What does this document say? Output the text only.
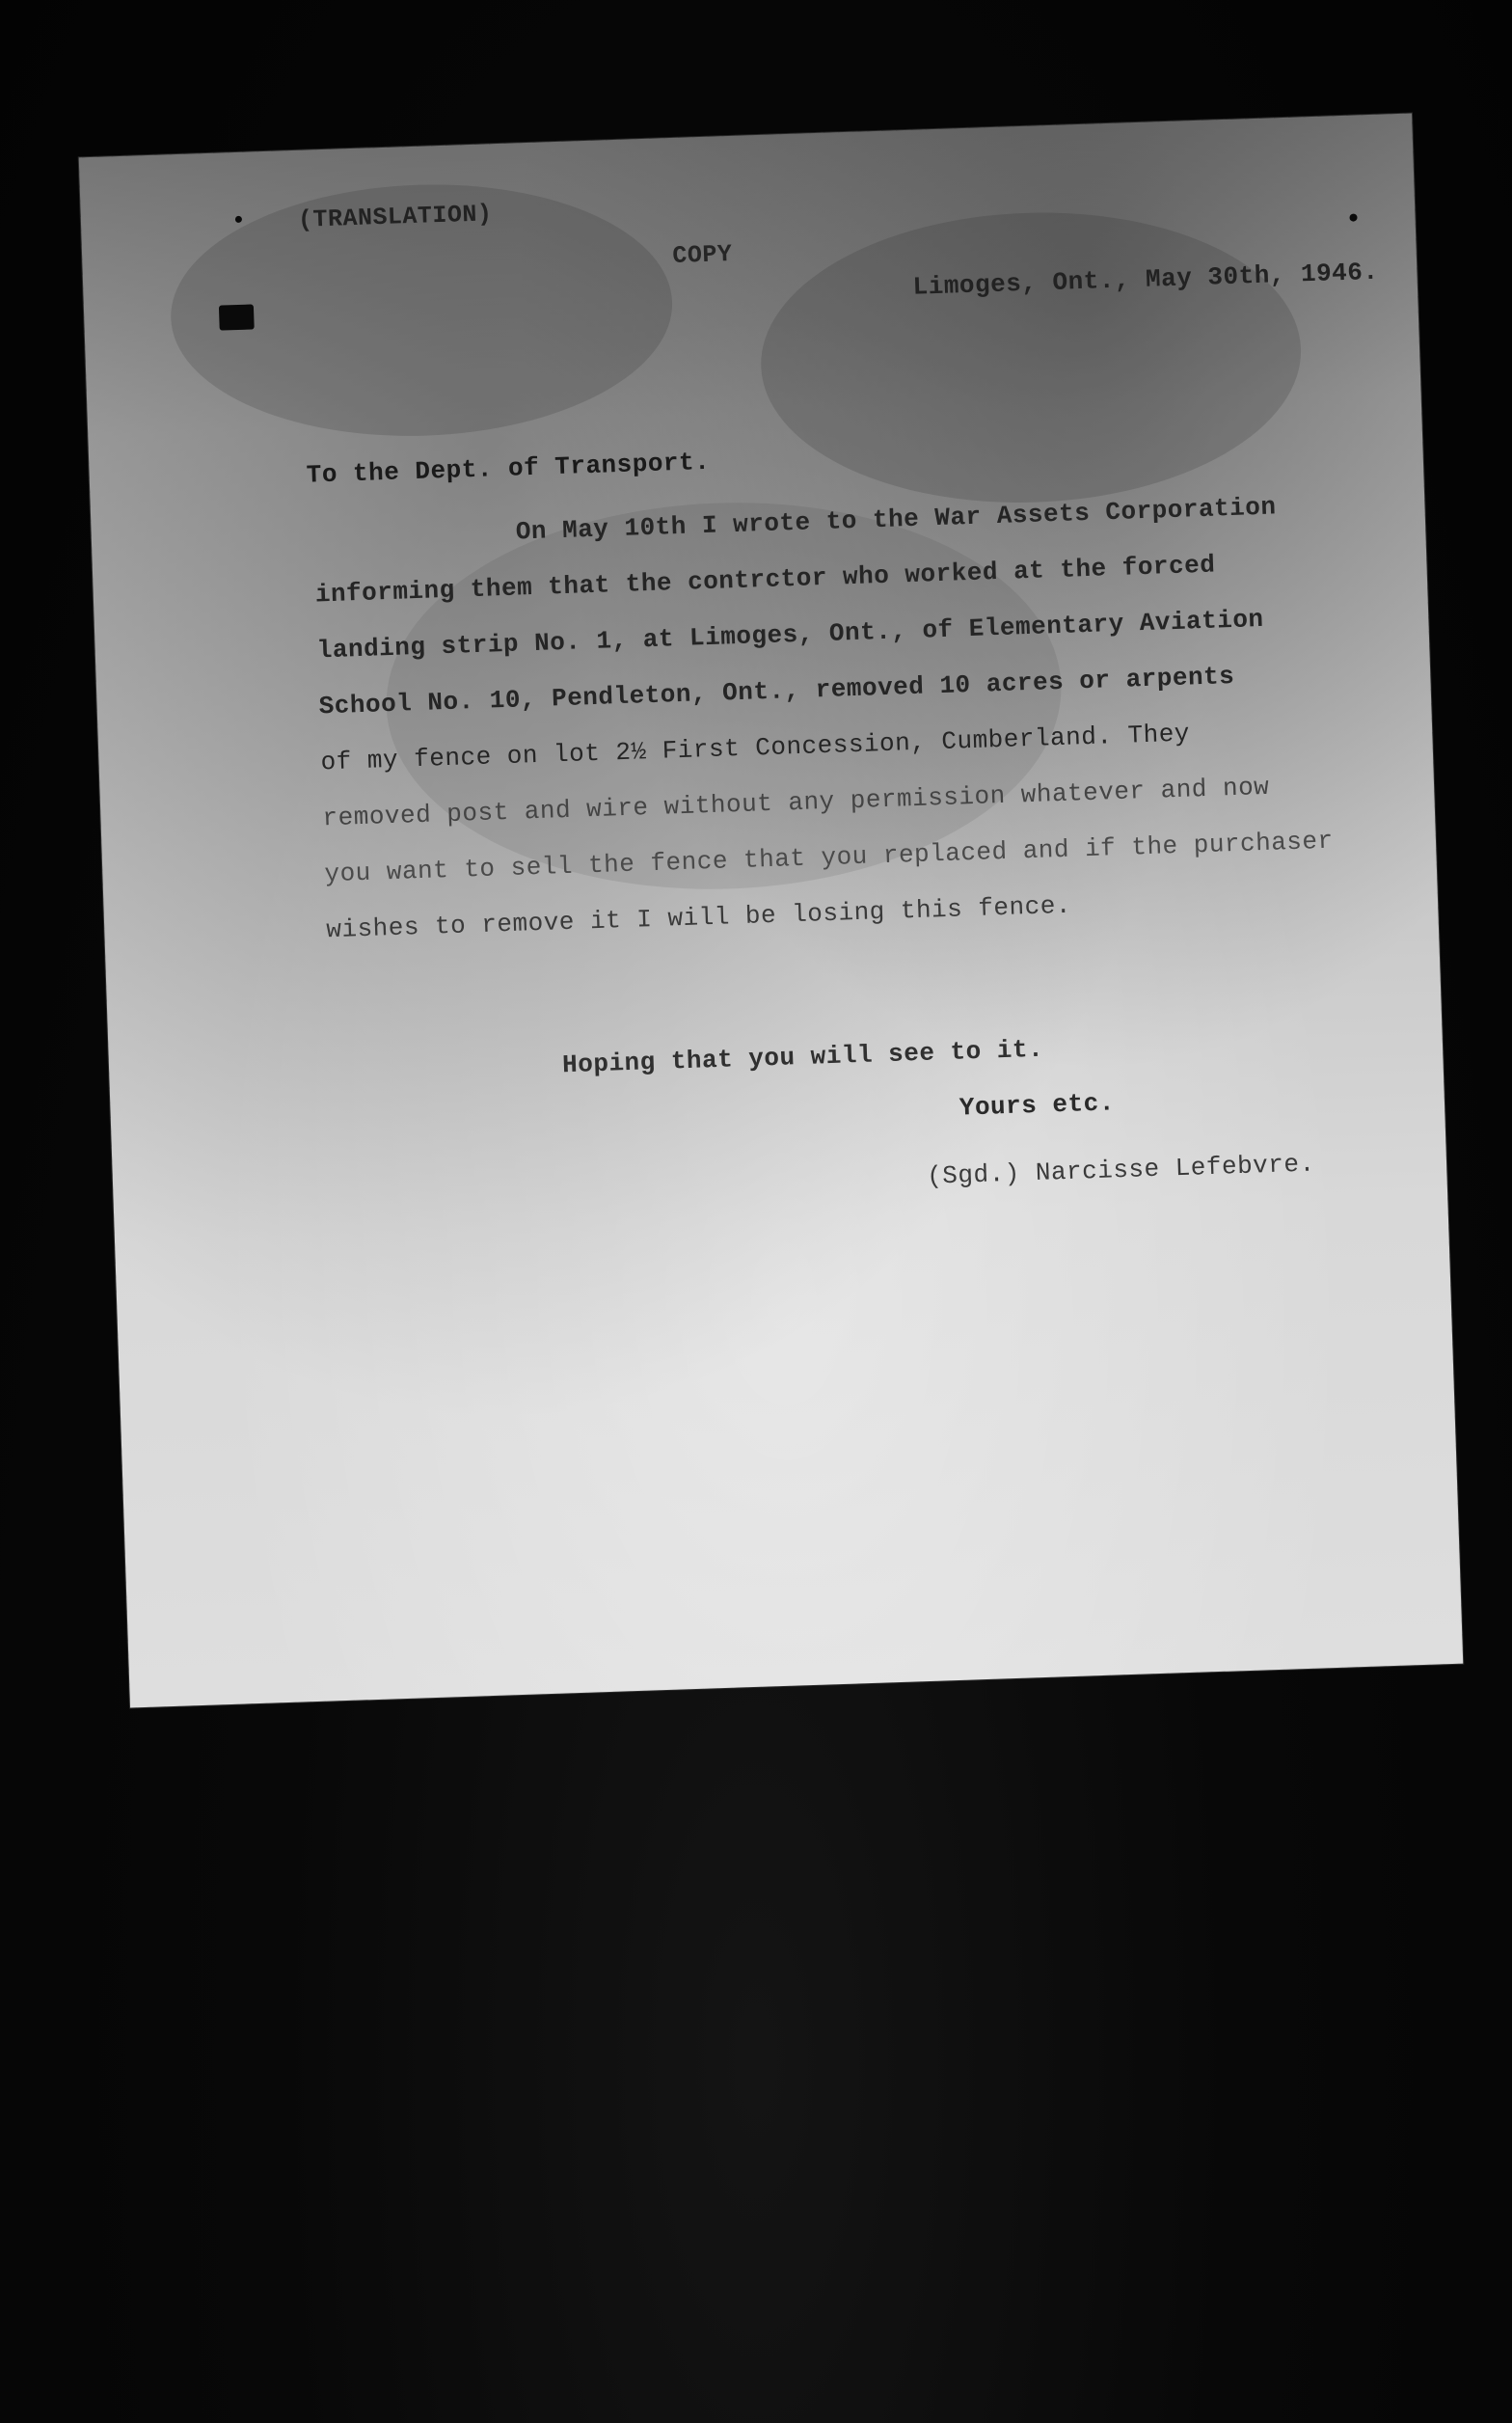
(TRANSLATION)
COPY
Limoges, Ont., May 30th, 1946.
To the Dept. of Transport.
On May 10th I wrote to the War Assets Corporation
informing them that the contrctor who worked at the forced
landing strip No. 1, at Limoges, Ont., of Elementary Aviation
School No. 10, Pendleton, Ont., removed 10 acres or arpents
of my fence on lot 2½ First Concession, Cumberland. They
removed post and wire without any permission whatever and now
you want to sell the fence that you replaced and if the purchaser
wishes to remove it I will be losing this fence.
Hoping that you will see to it.
Yours etc.
(Sgd.) Narcisse Lefebvre.
